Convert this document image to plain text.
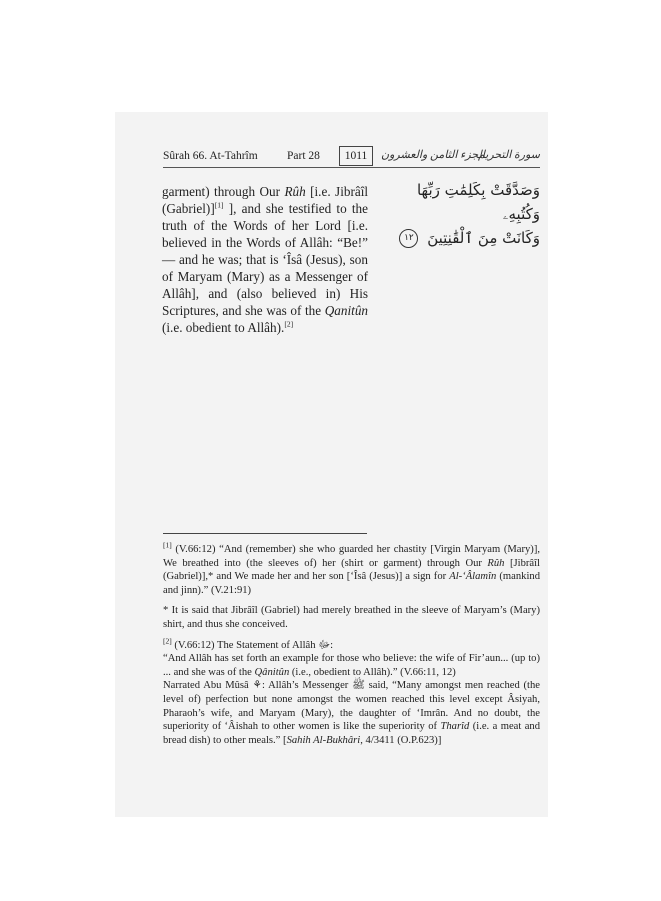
Sûrah 66. At-Tahrîm	Part 28	1011	الجزء الثامن والعشرون
سورة التحريم

garment) through Our Rûh [i.e. Jibrâîl (Gabriel)][1] ], and she testified to the truth of the Words of her Lord [i.e. believed in the Words of Allâh: “Be!” — and he was; that is ‘Îsâ (Jesus), son of Maryam (Mary) as a Messenger of Allâh], and (also believed in) His Scriptures, and she was of the Qanitûn (i.e. obedient to Allâh).[2]

وَصَدَّقَتْ بِكَلِمَٰتِ رَبِّهَا وَكُتُبِهِۦ
وَكَانَتْ مِنَ ٱلْقَٰنِتِينَ ١٢

[1] (V.66:12) “And (remember) she who guarded her chastity [Virgin Maryam (Mary)], We breathed into (the sleeves of) her (shirt or garment) through Our Rûh [Jibrâîl (Gabriel)],* and We made her and her son [‘Îsâ (Jesus)] a sign for Al-‘Âlamîn (mankind and jinn).” (V.21:91)

* It is said that Jibrâîl (Gabriel) had merely breathed in the sleeve of Maryam’s (Mary) shirt, and thus she conceived.

[2] (V.66:12) The Statement of Allâh ﷻ:

“And Allâh has set forth an example for those who believe: the wife of Fir’aun... (up to) ... and she was of the Qânitûn (i.e., obedient to Allâh).” (V.66:11, 12)

Narrated Abu Mûsâ ⚘: Allâh’s Messenger ﷺ said, “Many amongst men reached (the level of) perfection but none amongst the women reached this level except Âsiyah, Pharaoh’s wife, and Maryam (Mary), the daughter of ‘Imrân. And no doubt, the superiority of ‘Âishah to other women is like the superiority of Tharîd (i.e. a meat and bread dish) to other meals.” [Sahih Al-Bukhâri, 4/3411 (O.P.623)]
